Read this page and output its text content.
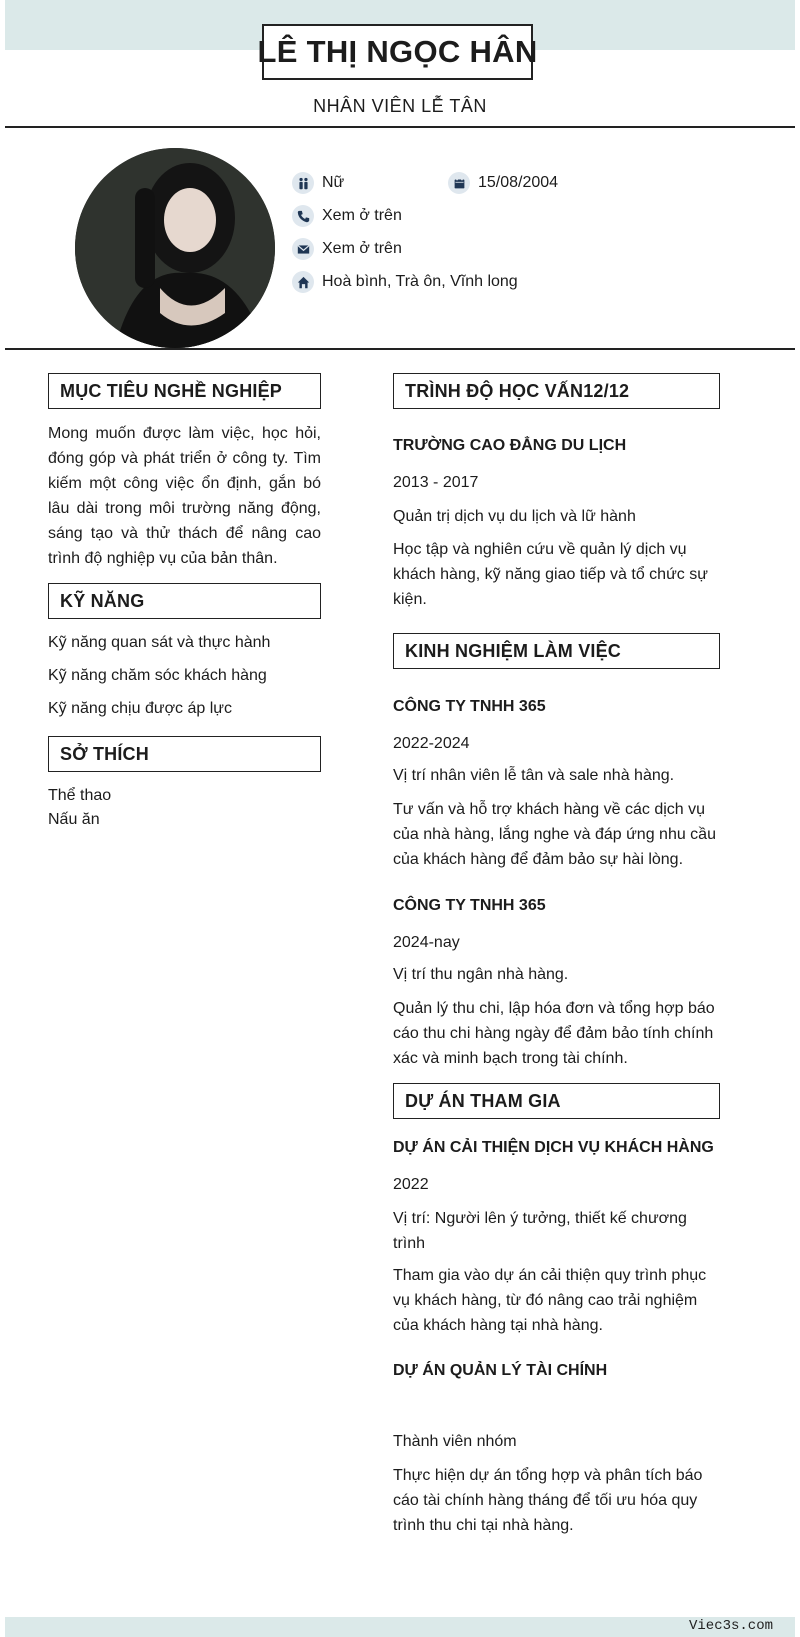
LÊ THỊ NGỌC HÂN
NHÂN VIÊN LỄ TÂN
Nữ	15/08/2004
Xem ở trên
Xem ở trên
Hoà bình, Trà ôn, Vĩnh long
MỤC TIÊU NGHỀ NGHIỆP
Mong muốn được làm việc, học hỏi, đóng góp và phát triển ở công ty. Tìm kiếm một công việc ổn định, gắn bó lâu dài trong môi trường năng động, sáng tạo và thử thách để nâng cao trình độ nghiệp vụ của bản thân.
KỸ NĂNG
Kỹ năng quan sát và thực hành
Kỹ năng chăm sóc khách hàng
Kỹ năng chịu được áp lực
SỞ THÍCH
Thể thao
Nấu ăn
TRÌNH ĐỘ HỌC VẤN12/12
TRƯỜNG CAO ĐẲNG DU LỊCH
2013 - 2017
Quản trị dịch vụ du lịch và lữ hành
Học tập và nghiên cứu về quản lý dịch vụ khách hàng, kỹ năng giao tiếp và tổ chức sự kiện.
KINH NGHIỆM LÀM VIỆC
CÔNG TY TNHH 365
2022-2024
Vị trí nhân viên lễ tân và sale nhà hàng.
Tư vấn và hỗ trợ khách hàng về các dịch vụ của nhà hàng, lắng nghe và đáp ứng nhu cầu của khách hàng để đảm bảo sự hài lòng.
CÔNG TY TNHH 365
2024-nay
Vị trí thu ngân nhà hàng.
Quản lý thu chi, lập hóa đơn và tổng hợp báo cáo thu chi hàng ngày để đảm bảo tính chính xác và minh bạch trong tài chính.
DỰ ÁN THAM GIA
DỰ ÁN CẢI THIỆN DỊCH VỤ KHÁCH HÀNG
2022
Vị trí: Người lên ý tưởng, thiết kế chương trình
Tham gia vào dự án cải thiện quy trình phục vụ khách hàng, từ đó nâng cao trải nghiệm của khách hàng tại nhà hàng.
DỰ ÁN QUẢN LÝ TÀI CHÍNH
Thành viên nhóm
Thực hiện dự án tổng hợp và phân tích báo cáo tài chính hàng tháng để tối ưu hóa quy trình thu chi tại nhà hàng.
Viec3s.com
